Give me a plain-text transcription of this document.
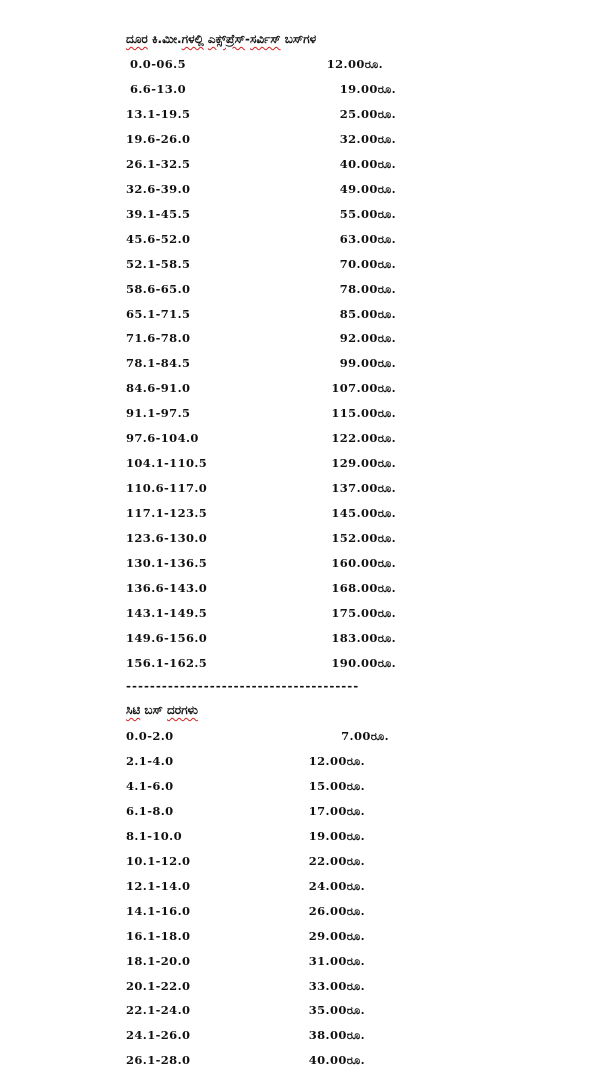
ದೂರ ಕಿ.ಮೀ.ಗಳಲ್ಲಿ ಎಕ್ಸ್‌ಪ್ರೆಸ್-ಸರ್ವಿಸ್ ಬಸ್‌ಗಳ
0.0-06.5	12.00ರೂ.
6.6-13.0	19.00ರೂ.
13.1-19.5	25.00ರೂ.
19.6-26.0	32.00ರೂ.
26.1-32.5	40.00ರೂ.
32.6-39.0	49.00ರೂ.
39.1-45.5	55.00ರೂ.
45.6-52.0	63.00ರೂ.
52.1-58.5	70.00ರೂ.
58.6-65.0	78.00ರೂ.
65.1-71.5	85.00ರೂ.
71.6-78.0	92.00ರೂ.
78.1-84.5	99.00ರೂ.
84.6-91.0	107.00ರೂ.
91.1-97.5	115.00ರೂ.
97.6-104.0	122.00ರೂ.
104.1-110.5	129.00ರೂ.
110.6-117.0	137.00ರೂ.
117.1-123.5	145.00ರೂ.
123.6-130.0	152.00ರೂ.
130.1-136.5	160.00ರೂ.
136.6-143.0	168.00ರೂ.
143.1-149.5	175.00ರೂ.
149.6-156.0	183.00ರೂ.
156.1-162.5	190.00ರೂ.
---------------------------------------
ಸಿಟಿ ಬಸ್ ದರಗಳು
0.0-2.0	7.00ರೂ.
2.1-4.0	12.00ರೂ.
4.1-6.0	15.00ರೂ.
6.1-8.0	17.00ರೂ.
8.1-10.0	19.00ರೂ.
10.1-12.0	22.00ರೂ.
12.1-14.0	24.00ರೂ.
14.1-16.0	26.00ರೂ.
16.1-18.0	29.00ರೂ.
18.1-20.0	31.00ರೂ.
20.1-22.0	33.00ರೂ.
22.1-24.0	35.00ರೂ.
24.1-26.0	38.00ರೂ.
26.1-28.0	40.00ರೂ.
